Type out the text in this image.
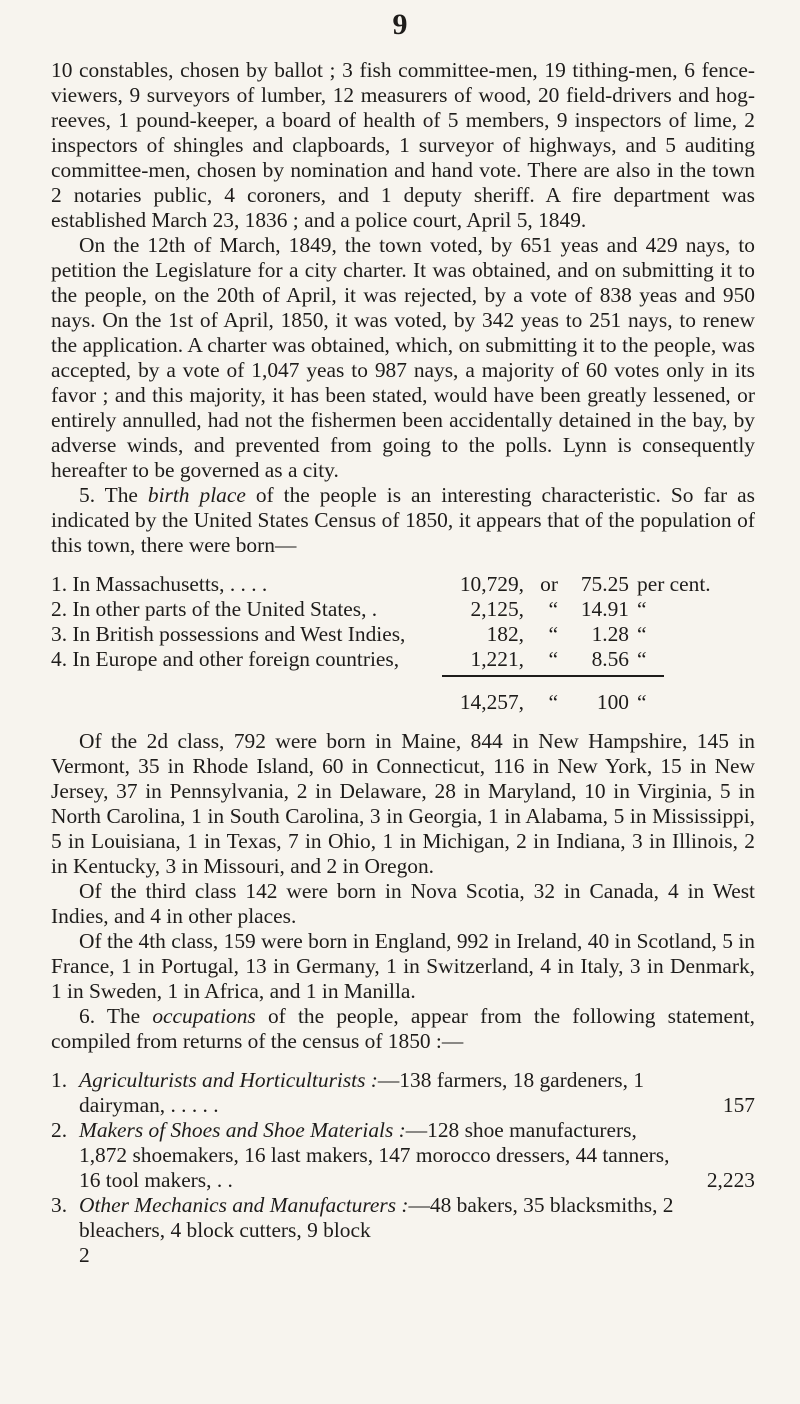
9

10 constables, chosen by ballot ; 3 fish committee-men, 19 tithing-men, 6 fence-viewers, 9 surveyors of lumber, 12 measurers of wood, 20 field-drivers and hog-reeves, 1 pound-keeper, a board of health of 5 members, 9 inspectors of lime, 2 inspectors of shingles and clapboards, 1 surveyor of highways, and 5 auditing committee-men, chosen by nomination and hand vote. There are also in the town 2 notaries public, 4 coroners, and 1 deputy sheriff. A fire department was established March 23, 1836 ; and a police court, April 5, 1849.

On the 12th of March, 1849, the town voted, by 651 yeas and 429 nays, to petition the Legislature for a city charter. It was obtained, and on submitting it to the people, on the 20th of April, it was rejected, by a vote of 838 yeas and 950 nays. On the 1st of April, 1850, it was voted, by 342 yeas to 251 nays, to renew the application. A charter was obtained, which, on submitting it to the people, was accepted, by a vote of 1,047 yeas to 987 nays, a majority of 60 votes only in its favor ; and this majority, it has been stated, would have been greatly lessened, or entirely annulled, had not the fishermen been accidentally detained in the bay, by adverse winds, and prevented from going to the polls. Lynn is consequently hereafter to be governed as a city.

5. The birth place of the people is an interesting characteristic. So far as indicated by the United States Census of 1850, it appears that of the population of this town, there were born—

1. In Massachusetts, . . . .	10,729, or	75.25 per cent.
2. In other parts of the United States, .	2,125,	“	14.91 “
3. In British possessions and West Indies,	182,	“	1.28 “
4. In Europe and other foreign countries,	1,221,	“	8.56 “
14,257,	“	100 “

Of the 2d class, 792 were born in Maine, 844 in New Hampshire, 145 in Vermont, 35 in Rhode Island, 60 in Connecticut, 116 in New York, 15 in New Jersey, 37 in Pennsylvania, 2 in Delaware, 28 in Maryland, 10 in Virginia, 5 in North Carolina, 1 in South Carolina, 3 in Georgia, 1 in Alabama, 5 in Mississippi, 5 in Louisiana, 1 in Texas, 7 in Ohio, 1 in Michigan, 2 in Indiana, 3 in Illinois, 2 in Kentucky, 3 in Missouri, and 2 in Oregon.

Of the third class 142 were born in Nova Scotia, 32 in Canada, 4 in West Indies, and 4 in other places.

Of the 4th class, 159 were born in England, 992 in Ireland, 40 in Scotland, 5 in France, 1 in Portugal, 13 in Germany, 1 in Switzerland, 4 in Italy, 3 in Denmark, 1 in Sweden, 1 in Africa, and 1 in Manilla.

6. The occupations of the people, appear from the following statement, compiled from returns of the census of 1850 :—

1. Agriculturists and Horticulturists :—138 farmers, 18 gardeners, 1 dairyman, . . . . .	157
2. Makers of Shoes and Shoe Materials :—128 shoe manufacturers, 1,872 shoemakers, 16 last makers, 147 morocco dressers, 44 tanners, 16 tool makers, . .	2,223
3. Other Mechanics and Manufacturers :—48 bakers, 35 blacksmiths, 2 bleachers, 4 block cutters, 9 block
2
